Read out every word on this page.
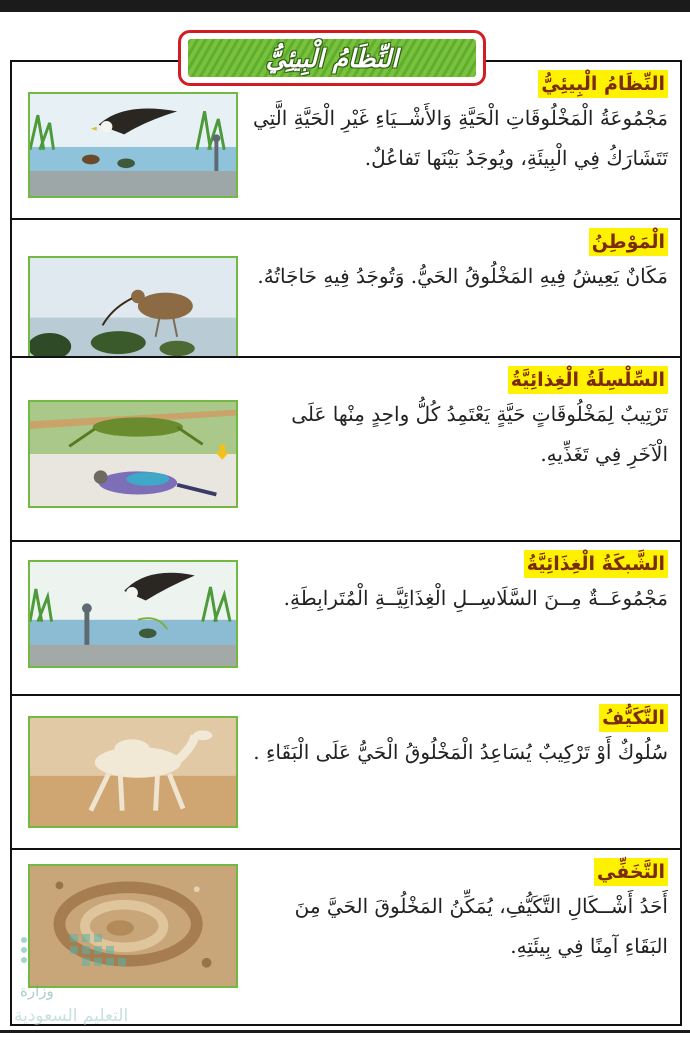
النِّظَامُ الْبِيئِيُّ
النِّظَامُ الْبِيئِيُّ

مَجْمُوعَةُ الْمَخْلُوقَاتِ الْحَيَّةِ وَالأَشْــيَاءِ غَيْرِ الْحَيَّةِ الَّتِي تَتَشَارَكُ فِي الْبِيئَةِ، ويُوجَدُ بَيْنَها تَفاعُلٌ.

الْمَوْطِنُ

مَكَانٌ يَعِيشُ فِيهِ المَخْلُوقُ الحَيُّ. وَتُوجَدُ فِيهِ حَاجَاتُهُ.

السِّلْسِلَةُ الْغِذائِيَّةُ

تَرْتِيبٌ لِمَخْلُوقَاتٍ حَيَّةٍ يَعْتَمِدُ كُلُّ واحِدٍ مِنْها عَلَى الْآخَرِ فِي تَغَذِّيهِ.

الشَّبكَةُ الْغِذَائِيَّةُ

مَجْمُوعَــةٌ مِــنَ السَّلَاسِــلِ الْغِذَائِيَّــةِ الْمُتَرابِطَةِ.

التَّكَيُّفُ

سُلُوكٌ أَوْ تَرْكِيبٌ يُسَاعِدُ الْمَخْلُوقُ الْحَيُّ عَلَى الْبَقَاءِ .

التَّخَفِّي

أَحَدُ أَشْــكَالِ التَّكَيُّفِ، يُمَكِّنُ المَخْلُوقَ الحَيَّ مِنَ البَقَاءِ آمِنًا فِي بِيئَتِهِ.

وزارة
التعليم السعودية
